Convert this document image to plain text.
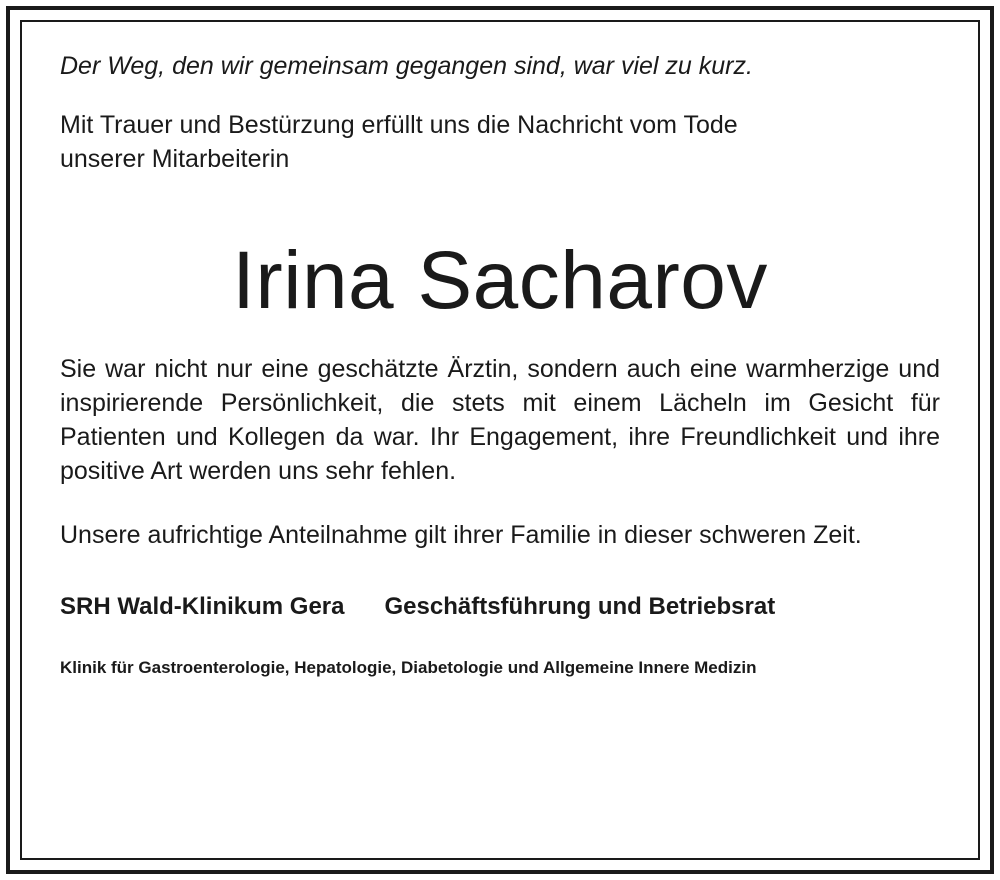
Der Weg, den wir gemeinsam gegangen sind, war viel zu kurz.

Mit Trauer und Bestürzung erfüllt uns die Nachricht vom Tode
unserer Mitarbeiterin

Irina Sacharov

Sie war nicht nur eine geschätzte Ärztin, sondern auch eine warmherzige und inspirierende Persönlichkeit, die stets mit einem Lächeln im Gesicht für Patienten und Kollegen da war. Ihr Engagement, ihre Freundlichkeit und ihre positive Art werden uns sehr fehlen.

Unsere aufrichtige Anteilnahme gilt ihrer Familie in dieser schweren Zeit.

SRH Wald-Klinikum Gera Geschäftsführung und Betriebsrat

Klinik für Gastroenterologie, Hepatologie, Diabetologie und Allgemeine Innere Medizin
